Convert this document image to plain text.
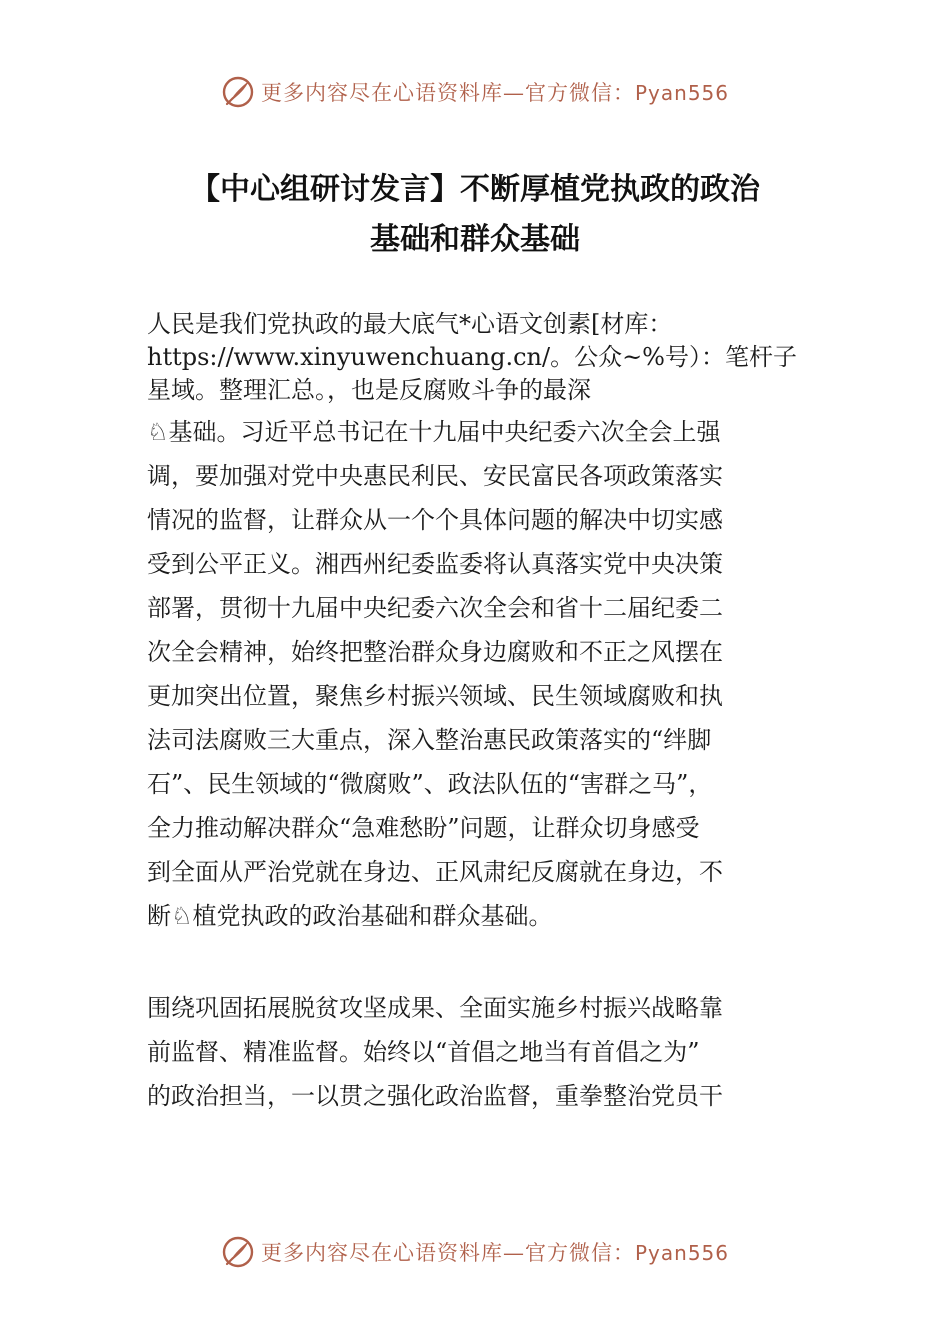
更多内容尽在心语资料库—官方微信：Pyan556
【中心组研讨发言】不断厚植党执政的政治
基础和群众基础
人民是我们党执政的最大底气*心语文创素[材库：
https://www.xinyuwenchuang.cn/。公众~%号）：笔杆子
星域。整理汇总。，也是反腐败斗争的最深
♘基础。习近平总书记在十九届中央纪委六次全会上强
调，要加强对党中央惠民利民、安民富民各项政策落实
情况的监督，让群众从一个个具体问题的解决中切实感
受到公平正义。湘西州纪委监委将认真落实党中央决策
部署，贯彻十九届中央纪委六次全会和省十二届纪委二
次全会精神，始终把整治群众身边腐败和不正之风摆在
更加突出位置，聚焦乡村振兴领域、民生领域腐败和执
法司法腐败三大重点，深入整治惠民政策落实的“绊脚
石”、民生领域的“微腐败”、政法队伍的“害群之马”，
全力推动解决群众“急难愁盼”问题，让群众切身感受
到全面从严治党就在身边、正风肃纪反腐就在身边，不
断♘植党执政的政治基础和群众基础。
围绕巩固拓展脱贫攻坚成果、全面实施乡村振兴战略靠
前监督、精准监督。始终以“首倡之地当有首倡之为”
的政治担当，一以贯之强化政治监督，重拳整治党员干
更多内容尽在心语资料库—官方微信：Pyan556
